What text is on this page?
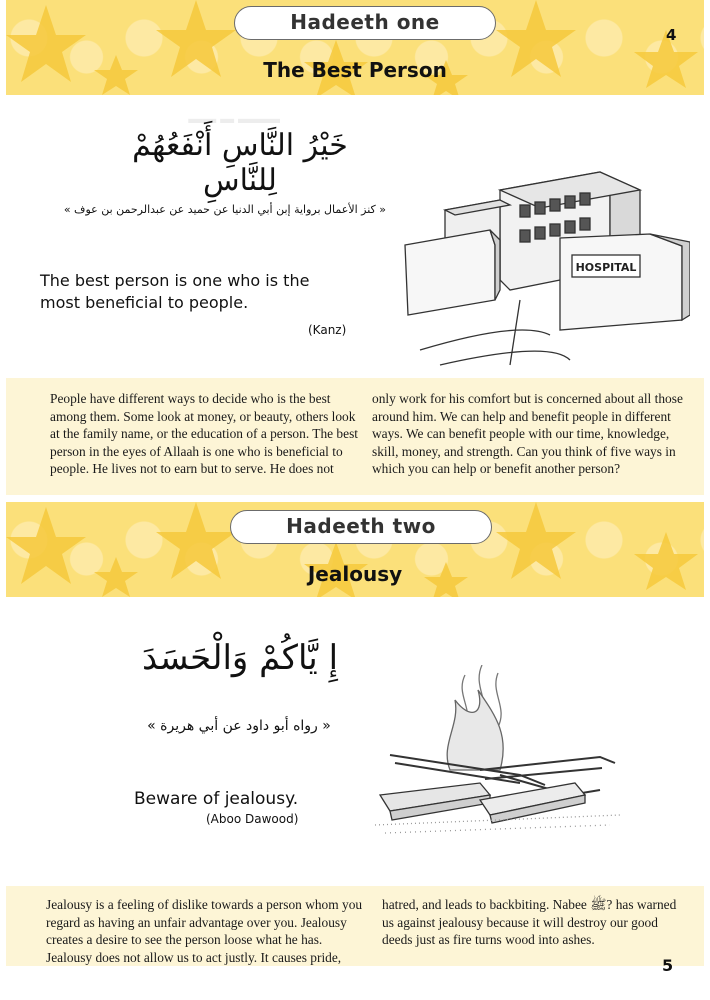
Hadeeth one
4
The Best Person
▬▬▬ ▬ ▬▬
خَيْرُ النَّاسِ أَنْفَعُهُمْ لِلنَّاسِ
« كنز الأعمال برواية إبن أبي الدنيا عن حميد عن عبدالرحمن بن عوف »
The best person is one who is the most beneficial to people.
(Kanz)
HOSPITAL
People have different ways to decide who is the best among them. Some look at money, or beauty, others look at the family name, or the education of a person. The best person in the eyes of Allaah is one who is beneficial to people. He lives not to earn but to serve. He does not
only work for his comfort but is concerned about all those around him. We can help and benefit people in different ways. We can benefit people with our time, knowledge, skill, money, and strength. Can you think of five ways in which you can help or benefit another person?
Hadeeth two
Jealousy
إِ يَّاكُمْ وَالْحَسَدَ
« رواه أبو داود عن أبي هريرة »
Beware of jealousy.
(Aboo Dawood)
Jealousy is a feeling of dislike towards a person whom you regard as having an unfair advantage over you. Jealousy creates a desire to see the person loose what he has. Jealousy does not allow us to act justly. It causes pride,
hatred, and leads to backbiting. Nabee ﷺ? has warned us against jealousy because it will destroy our good deeds just as fire turns wood into ashes.
5
